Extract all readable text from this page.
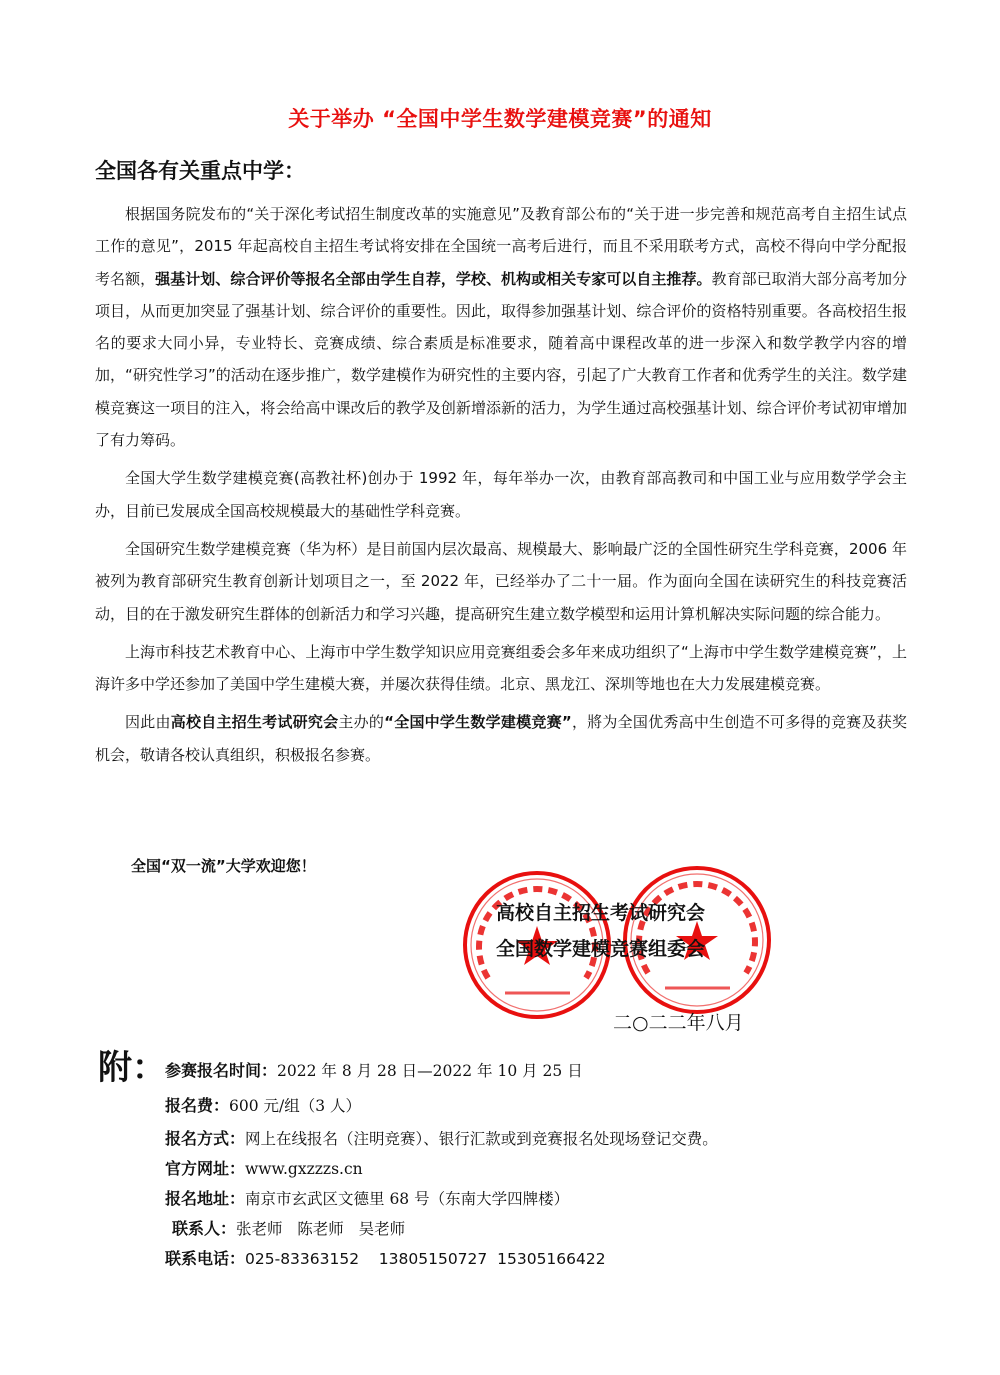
关于举办 “全国中学生数学建模竞赛”的通知
全国各有关重点中学：

根据国务院发布的“关于深化考试招生制度改革的实施意见”及教育部公布的“关于进一步完善和规范高考自主招生试点工作的意见”，2015 年起高校自主招生考试将安排在全国统一高考后进行，而且不采用联考方式，高校不得向中学分配报考名额，强基计划、综合评价等报名全部由学生自荐，学校、机构或相关专家可以自主推荐。教育部已取消大部分高考加分项目，从而更加突显了强基计划、综合评价的重要性。因此，取得参加强基计划、综合评价的资格特别重要。各高校招生报名的要求大同小异，专业特长、竞赛成绩、综合素质是标准要求，随着高中课程改革的进一步深入和数学教学内容的增加，“研究性学习”的活动在逐步推广，数学建模作为研究性的主要内容，引起了广大教育工作者和优秀学生的关注。数学建模竞赛这一项目的注入，将会给高中课改后的教学及创新增添新的活力，为学生通过高校强基计划、综合评价考试初审增加了有力筹码。

全国大学生数学建模竞赛(高教社杯)创办于 1992 年，每年举办一次，由教育部高教司和中国工业与应用数学学会主办，目前已发展成全国高校规模最大的基础性学科竞赛。

全国研究生数学建模竞赛（华为杯）是目前国内层次最高、规模最大、影响最广泛的全国性研究生学科竞赛，2006 年被列为教育部研究生教育创新计划项目之一，至 2022 年，已经举办了二十一届。作为面向全国在读研究生的科技竞赛活动，目的在于激发研究生群体的创新活力和学习兴趣，提高研究生建立数学模型和运用计算机解决实际问题的综合能力。

上海市科技艺术教育中心、上海市中学生数学知识应用竞赛组委会多年来成功组织了“上海市中学生数学建模竞赛”，上海许多中学还参加了美国中学生建模大赛，并屡次获得佳绩。北京、黑龙江、深圳等地也在大力发展建模竞赛。

因此由高校自主招生考试研究会主办的“全国中学生数学建模竞赛”，將为全国优秀高中生创造不可多得的竞赛及获奖机会，敬请各校认真组织，积极报名参赛。

全国“双一流”大学欢迎您！
高校自主招生考试研究会
全国数学建模竞赛组委会
二○二二年八月
附： 参赛报名时间：2022 年 8 月 28 日—2022 年 10 月 25 日
报名费：600 元/组（3 人）
报名方式：网上在线报名（注明竞赛）、银行汇款或到竞赛报名处现场登记交费。
官方网址：www.gxzzzs.cn
报名地址：南京市玄武区文德里 68 号（东南大学四牌楼）
联系人：张老师   陈老师   吴老师
联系电话：025-83363152    13805150727  15305166422
